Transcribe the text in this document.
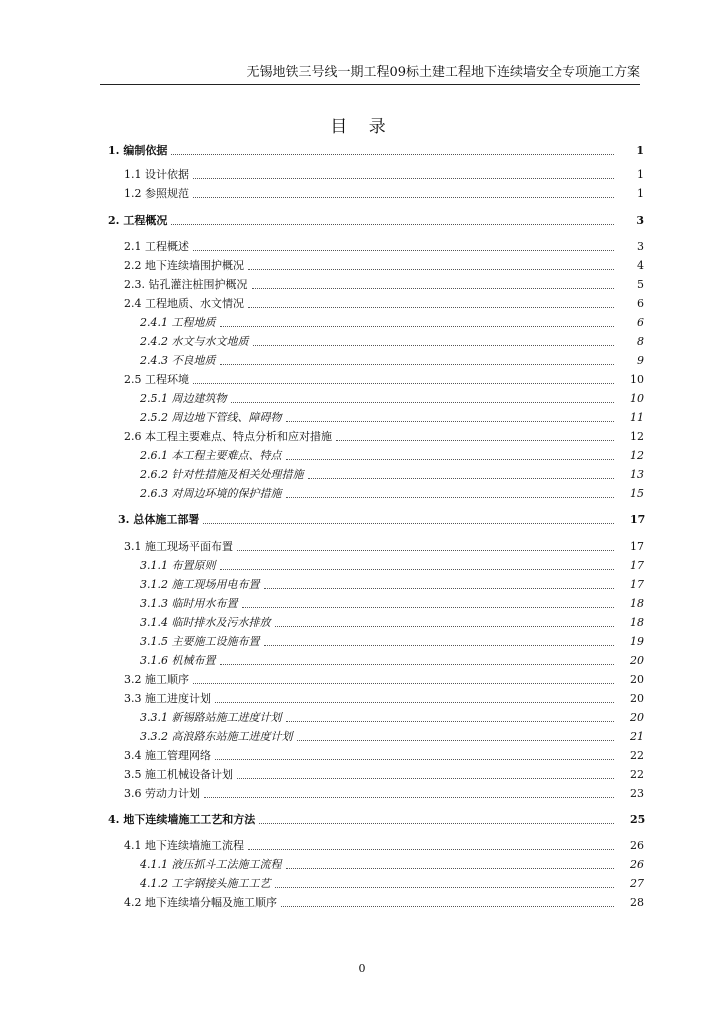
无锡地铁三号线一期工程09标土建工程地下连续墙安全专项施工方案
目 录
1. 编制依据	1
1.1 设计依据	1
1.2 参照规范	1
2. 工程概况	3
2.1 工程概述	3
2.2 地下连续墙围护概况	4
2.3. 钻孔灌注桩围护概况	5
2.4 工程地质、水文情况	6
2.4.1 工程地质	6
2.4.2 水文与水文地质	8
2.4.3 不良地质	9
2.5 工程环境	10
2.5.1 周边建筑物	10
2.5.2 周边地下管线、障碍物	11
2.6 本工程主要难点、特点分析和应对措施	12
2.6.1 本工程主要难点、特点	12
2.6.2 针对性措施及相关处理措施	13
2.6.3 对周边环境的保护措施	15
3. 总体施工部署	17
3.1 施工现场平面布置	17
3.1.1 布置原则	17
3.1.2 施工现场用电布置	17
3.1.3 临时用水布置	18
3.1.4 临时排水及污水排放	18
3.1.5 主要施工设施布置	19
3.1.6 机械布置	20
3.2 施工顺序	20
3.3 施工进度计划	20
3.3.1 新锡路站施工进度计划	20
3.3.2 高浪路东站施工进度计划	21
3.4 施工管理网络	22
3.5 施工机械设备计划	22
3.6 劳动力计划	23
4. 地下连续墙施工工艺和方法	25
4.1 地下连续墙施工流程	26
4.1.1 液压抓斗工法施工流程	26
4.1.2 工字钢接头施工工艺	27
4.2 地下连续墙分幅及施工顺序	28
0
